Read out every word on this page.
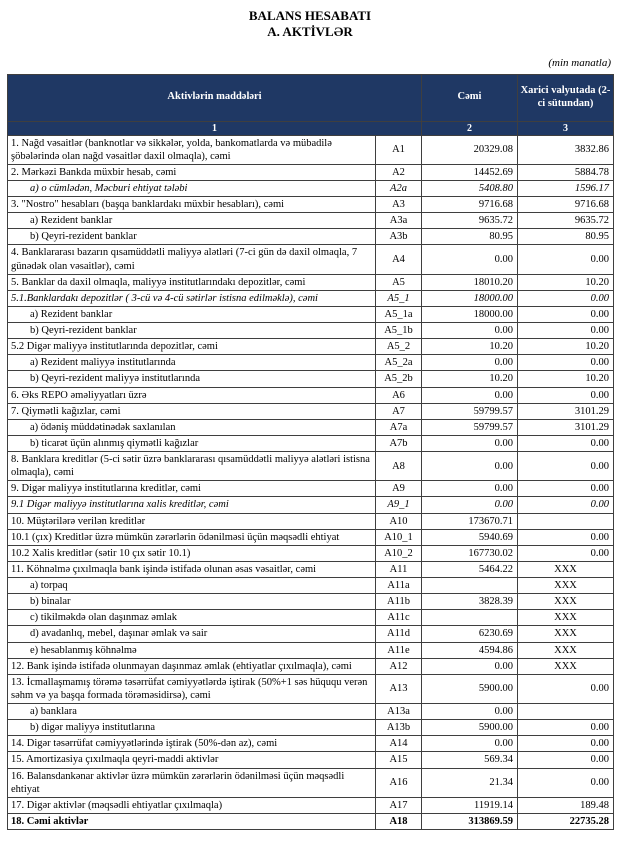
BALANS HESABATI
A. AKTİVLƏR
(min manatla)
Aktivlərin maddələri		Cəmi	Xarici valyutada (2-ci sütundan)
1		2	3
1. Nağd vəsaitlər (banknotlar və sikkələr, yolda, bankomatlarda və mübadilə şöbələrində olan nağd vəsaitlər daxil olmaqla), cəmi	A1	20329.08	3832.86
2. Mərkəzi Bankda müxbir hesab, cəmi	A2	14452.69	5884.78
a) o cümlədən, Məcburi ehtiyat tələbi	A2a	5408.80	1596.17
3. "Nostro" hesabları (başqa banklardakı müxbir hesabları), cəmi	A3	9716.68	9716.68
a) Rezident banklar	A3a	9635.72	9635.72
b) Qeyri-rezident banklar	A3b	80.95	80.95
4. Banklararası bazarın qısamüddətli maliyyə alətləri (7-ci gün də daxil olmaqla, 7 günədək olan vəsaitlər), cəmi	A4	0.00	0.00
5. Banklar da daxil olmaqla, maliyyə institutlarındakı depozitlər, cəmi	A5	18010.20	10.20
5.1.Banklardakı depozitlər ( 3-cü və 4-cü sətirlər istisna edilməklə), cəmi	A5_1	18000.00	0.00
a) Rezident banklar	A5_1a	18000.00	0.00
b) Qeyri-rezident banklar	A5_1b	0.00	0.00
5.2 Digər maliyyə institutlarında depozitlər, cəmi	A5_2	10.20	10.20
a) Rezident maliyyə institutlarında	A5_2a	0.00	0.00
b) Qeyri-rezident maliyyə institutlarında	A5_2b	10.20	10.20
6. Əks REPO əməliyyatları üzrə	A6	0.00	0.00
7. Qiymətli kağızlar, cəmi	A7	59799.57	3101.29
a) ödəniş müddətinədək saxlanılan	A7a	59799.57	3101.29
b) ticarət üçün alınmış qiymətli kağızlar	A7b	0.00	0.00
8. Banklara kreditlər (5-ci sətir üzrə banklararası qısamüddətli maliyyə alətləri istisna olmaqla), cəmi	A8	0.00	0.00
9. Digər maliyyə institutlarına kreditlər, cəmi	A9	0.00	0.00
9.1 Digər maliyyə institutlarına xalis kreditlər, cəmi	A9_1	0.00	0.00
10. Müştərilərə verilən kreditlər	A10	173670.71	
10.1 (çıx) Kreditlər üzrə mümkün zərərlərin ödənilməsi üçün məqsədli ehtiyat	A10_1	5940.69	0.00
10.2 Xalis kreditlər (sətir 10 çıx sətir 10.1)	A10_2	167730.02	0.00
11. Köhnəlmə çıxılmaqla bank işində istifadə olunan əsas vəsaitlər, cəmi	A11	5464.22	XXX
a) torpaq	A11a		XXX
b) binalar	A11b	3828.39	XXX
c) tikilməkdə olan daşınmaz əmlak	A11c		XXX
d) avadanlıq, mebel, daşınar əmlak və sair	A11d	6230.69	XXX
e) hesablanmış köhnəlmə	A11e	4594.86	XXX
12. Bank işində istifadə olunmayan daşınmaz əmlak (ehtiyatlar çıxılmaqla), cəmi	A12	0.00	XXX
13. İcmallaşmamış törəmə təsərrüfat cəmiyyətlərdə iştirak (50%+1 səs hüququ verən səhm və ya başqa formada törəməsidirsə), cəmi	A13	5900.00	0.00
a) banklara	A13a	0.00	
b) digər maliyyə institutlarına	A13b	5900.00	0.00
14. Digər təsərrüfat cəmiyyətlərində iştirak (50%-dən az), cəmi	A14	0.00	0.00
15. Amortizasiya çıxılmaqla qeyri-maddi aktivlər	A15	569.34	0.00
16. Balansdankənar aktivlər üzrə mümkün zərərlərin ödənilməsi üçün məqsədli ehtiyat	A16	21.34	0.00
17. Digər aktivlər (məqsədli ehtiyatlar çıxılmaqla)	A17	11919.14	189.48
18. Cəmi aktivlər	A18	313869.59	22735.28
